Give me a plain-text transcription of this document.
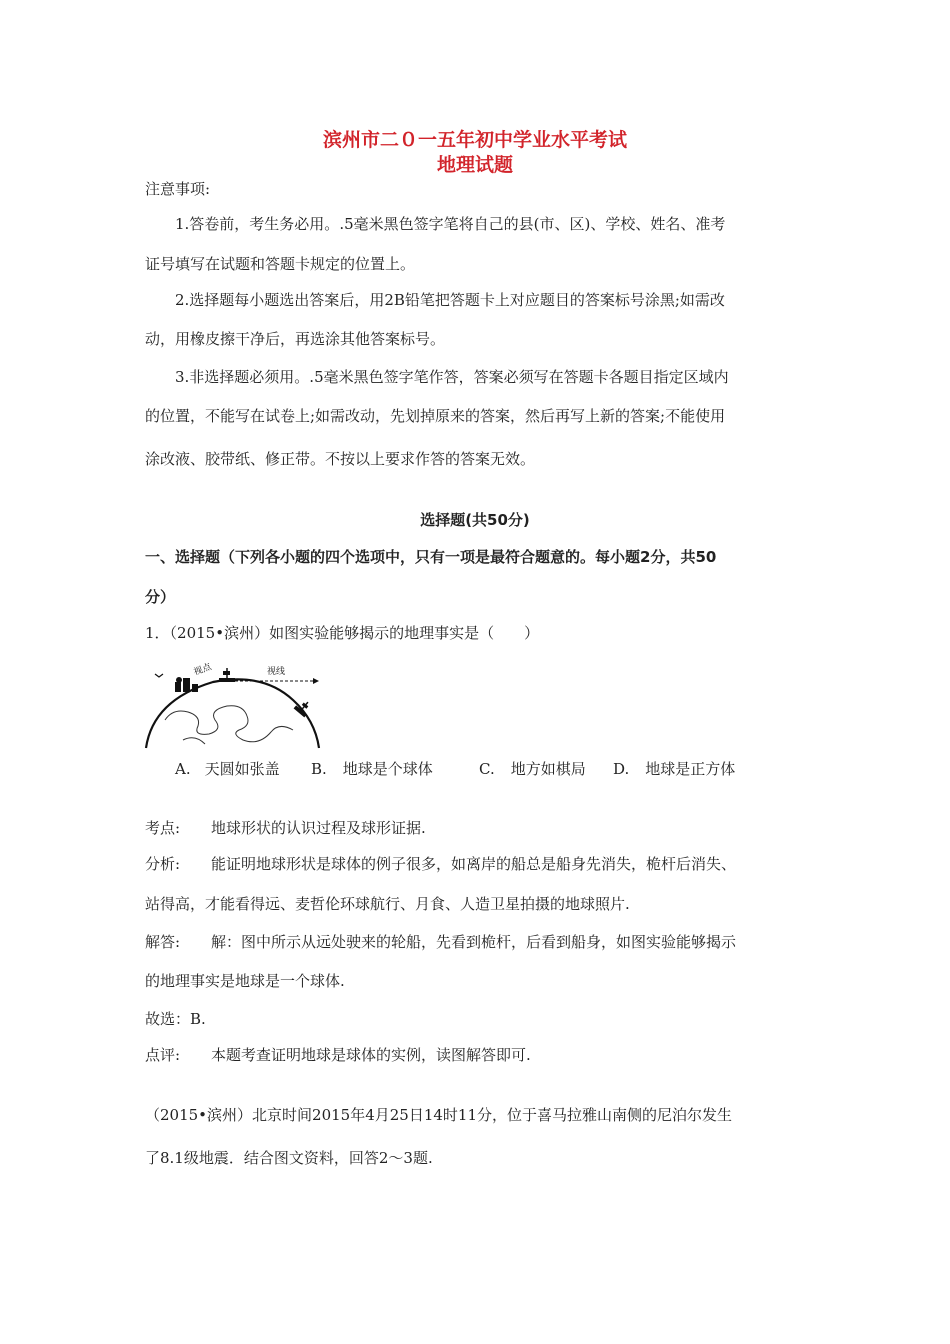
滨州市二０一五年初中学业水平考试
地理试题
注意事项:
1.答卷前，考生务必用。.5毫米黑色签字笔将自己的县(市、区)、学校、姓名、准考
证号填写在试题和答题卡规定的位置上。
2.选择题每小题选出答案后，用2B铅笔把答题卡上对应题目的答案标号涂黑;如需改
动，用橡皮擦干净后，再选涂其他答案标号。
3.非选择题必须用。.5毫米黑色签字笔作答，答案必须写在答题卡各题目指定区域内
的位置，不能写在试卷上;如需改动，先划掉原来的答案，然后再写上新的答案;不能使用
涂改液、胶带纸、修正带。不按以上要求作答的答案无效。
选择题(共50分)
一、选择题（下列各小题的四个选项中，只有一项是最符合题意的。每小题2分，共50
分）
1．（2015•滨州）如图实验能够揭示的地理事实是（　　）
视点	视线
A. 天圆如张盖 B. 地球是个球体	C. 地方如棋局 D. 地球是正方体
考点: 地球形状的认识过程及球形证据.
分析: 能证明地球形状是球体的例子很多，如离岸的船总是船身先消失，桅杆后消失、
站得高，才能看得远、麦哲伦环球航行、月食、人造卫星拍摄的地球照片.
解答: 解：图中所示从远处驶来的轮船，先看到桅杆，后看到船身，如图实验能够揭示
的地理事实是地球是一个球体.
故选：B.
点评: 本题考查证明地球是球体的实例，读图解答即可.
（2015•滨州）北京时间2015年4月25日14时11分，位于喜马拉雅山南侧的尼泊尔发生
了8.1级地震．结合图文资料，回答2～3题.
